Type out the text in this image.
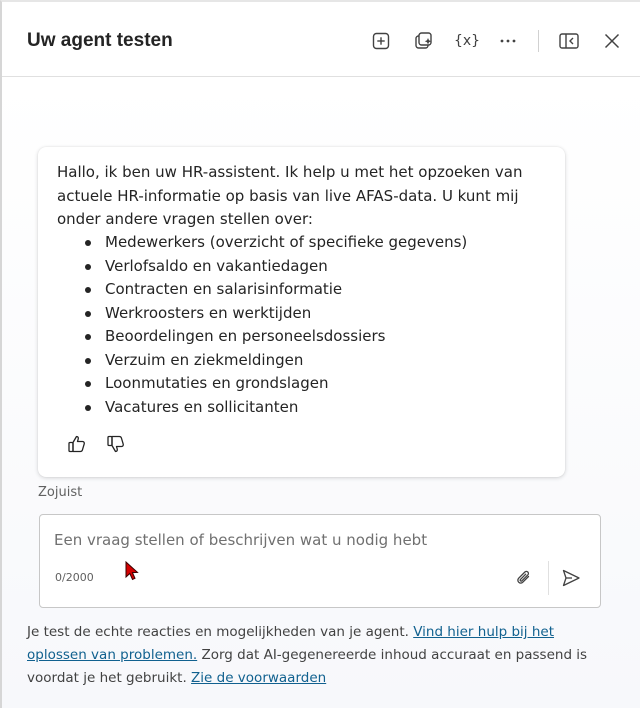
Uw agent testen	{x}
Hallo, ik ben uw HR-assistent. Ik help u met het opzoeken van actuele HR-informatie op basis van live AFAS-data. U kunt mij onder andere vragen stellen over:
Medewerkers (overzicht of specifieke gegevens)
Verlofsaldo en vakantiedagen
Contracten en salarisinformatie
Werkroosters en werktijden
Beoordelingen en personeelsdossiers
Verzuim en ziekmeldingen
Loonmutaties en grondslagen
Vacatures en sollicitanten
Zojuist
Een vraag stellen of beschrijven wat u nodig hebt
0/2000
Je test de echte reacties en mogelijkheden van je agent. Vind hier hulp bij het oplossen van problemen. Zorg dat AI-gegenereerde inhoud accuraat en passend is voordat je het gebruikt. Zie de voorwaarden
